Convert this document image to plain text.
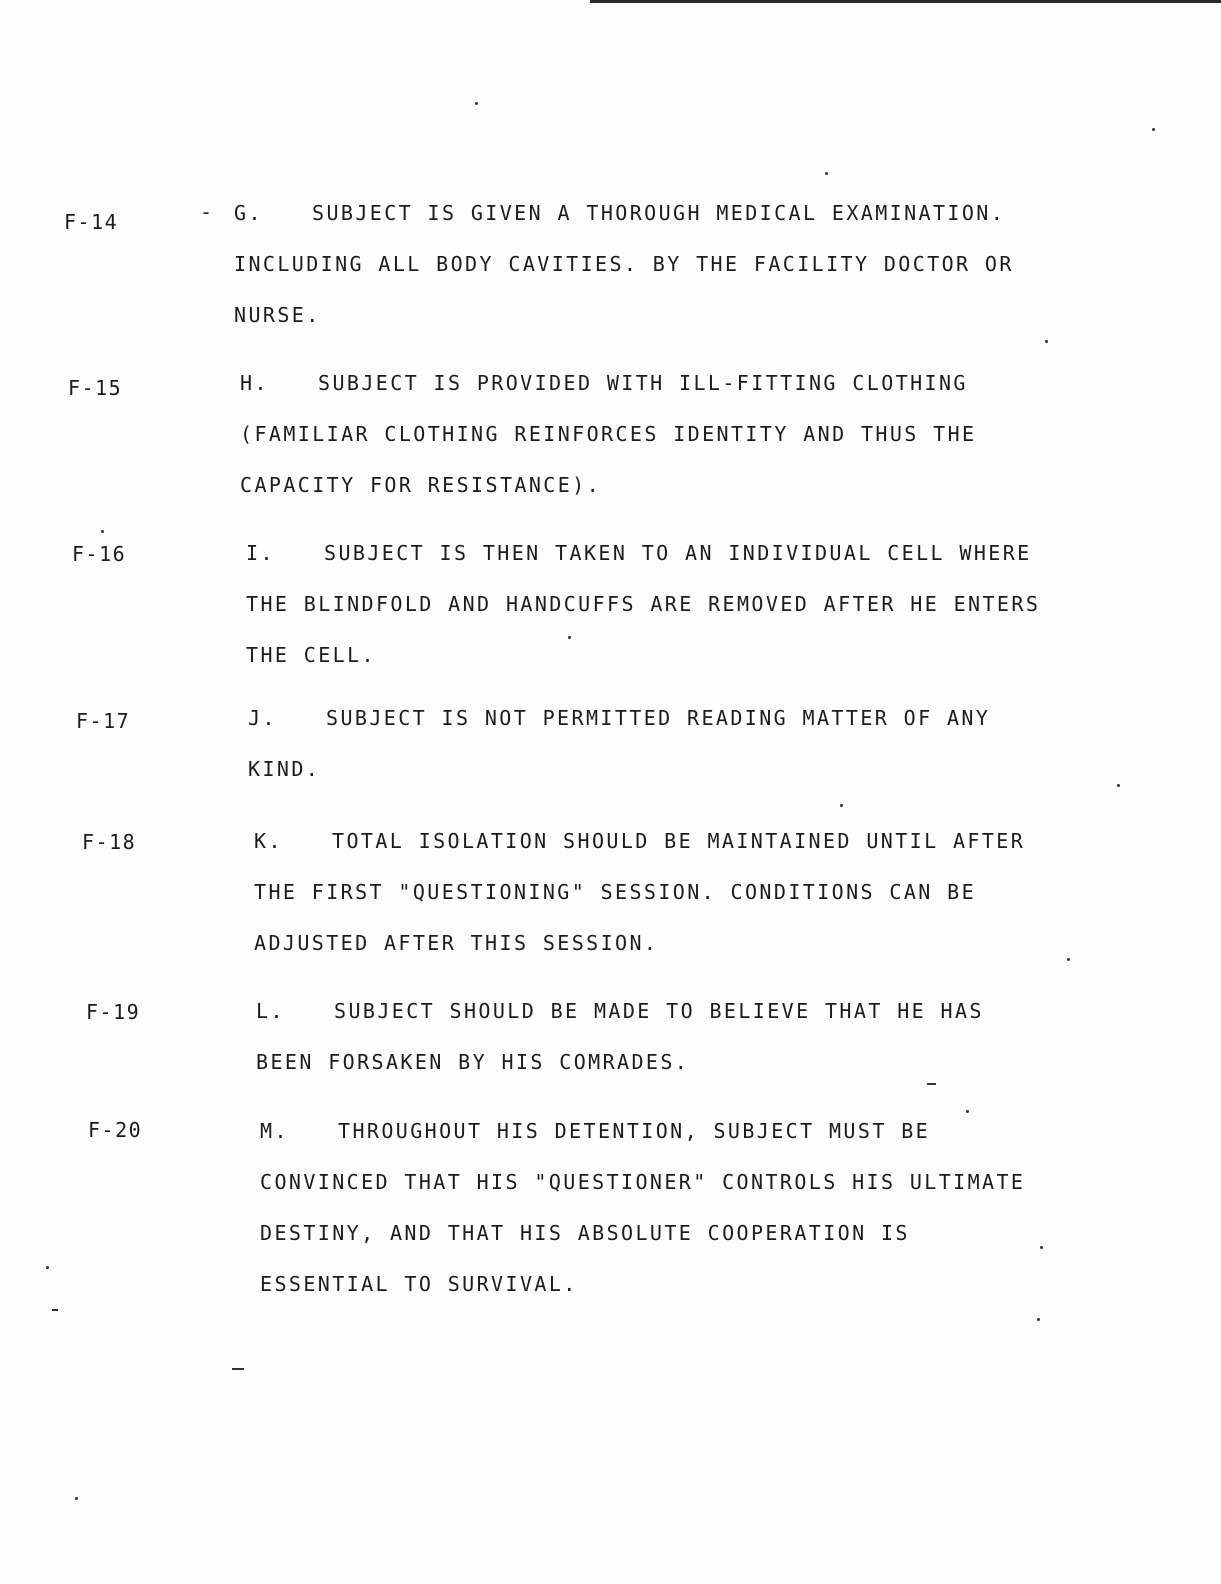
F-14	- G. SUBJECT IS GIVEN A THOROUGH MEDICAL EXAMINATION. INCLUDING ALL BODY CAVITIES. BY THE FACILITY DOCTOR OR NURSE.

F-15	H. SUBJECT IS PROVIDED WITH ILL-FITTING CLOTHING (FAMILIAR CLOTHING REINFORCES IDENTITY AND THUS THE CAPACITY FOR RESISTANCE).

F-16	I. SUBJECT IS THEN TAKEN TO AN INDIVIDUAL CELL WHERE THE BLINDFOLD AND HANDCUFFS ARE REMOVED AFTER HE ENTERS THE CELL.

F-17	J. SUBJECT IS NOT PERMITTED READING MATTER OF ANY KIND.

F-18	K. TOTAL ISOLATION SHOULD BE MAINTAINED UNTIL AFTER THE FIRST "QUESTIONING" SESSION. CONDITIONS CAN BE ADJUSTED AFTER THIS SESSION.

F-19	L. SUBJECT SHOULD BE MADE TO BELIEVE THAT HE HAS BEEN FORSAKEN BY HIS COMRADES.

F-20	M. THROUGHOUT HIS DETENTION, SUBJECT MUST BE CONVINCED THAT HIS "QUESTIONER" CONTROLS HIS ULTIMATE DESTINY, AND THAT HIS ABSOLUTE COOPERATION IS ESSENTIAL TO SURVIVAL.
